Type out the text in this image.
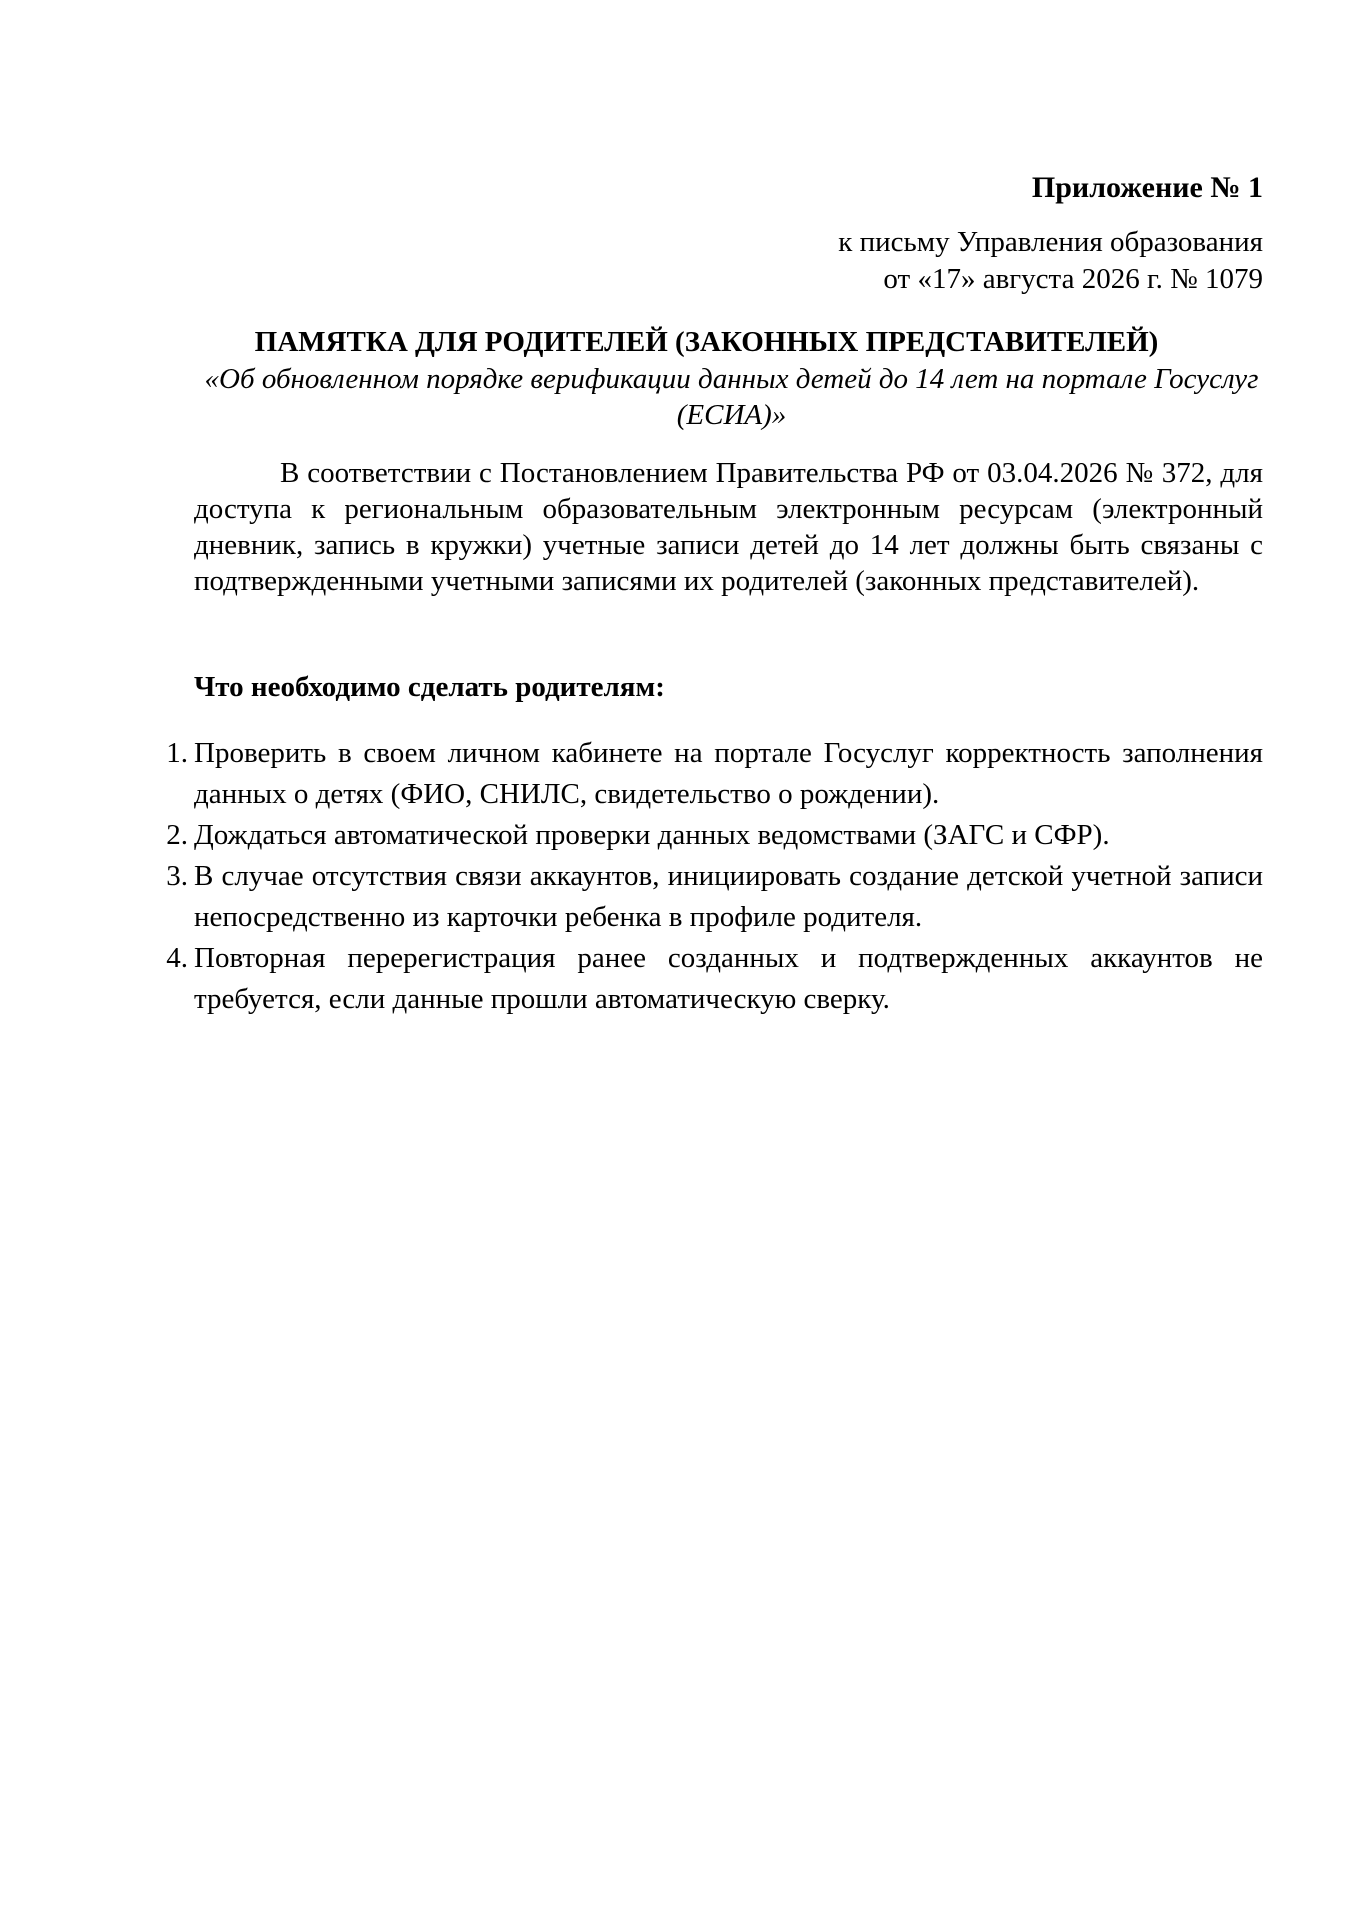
Приложение № 1
к письму Управления образования
от «17» августа 2026 г. № 1079
ПАМЯТКА ДЛЯ РОДИТЕЛЕЙ (ЗАКОННЫХ ПРЕДСТАВИТЕЛЕЙ)
«Об обновленном порядке верификации данных детей до 14 лет на портале Госуслуг (ЕСИА)»
В соответствии с Постановлением Правительства РФ от 03.04.2026 № 372, для доступа к региональным образовательным электронным ресурсам (электронный дневник, запись в кружки) учетные записи детей до 14 лет должны быть связаны с подтвержденными учетными записями их родителей (законных представителей).
Что необходимо сделать родителям:
1. Проверить в своем личном кабинете на портале Госуслуг корректность заполнения данных о детях (ФИО, СНИЛС, свидетельство о рождении).
2. Дождаться автоматической проверки данных ведомствами (ЗАГС и СФР).
3. В случае отсутствия связи аккаунтов, инициировать создание детской учетной записи непосредственно из карточки ребенка в профиле родителя.
4. Повторная перерегистрация ранее созданных и подтвержденных аккаунтов не требуется, если данные прошли автоматическую сверку.
